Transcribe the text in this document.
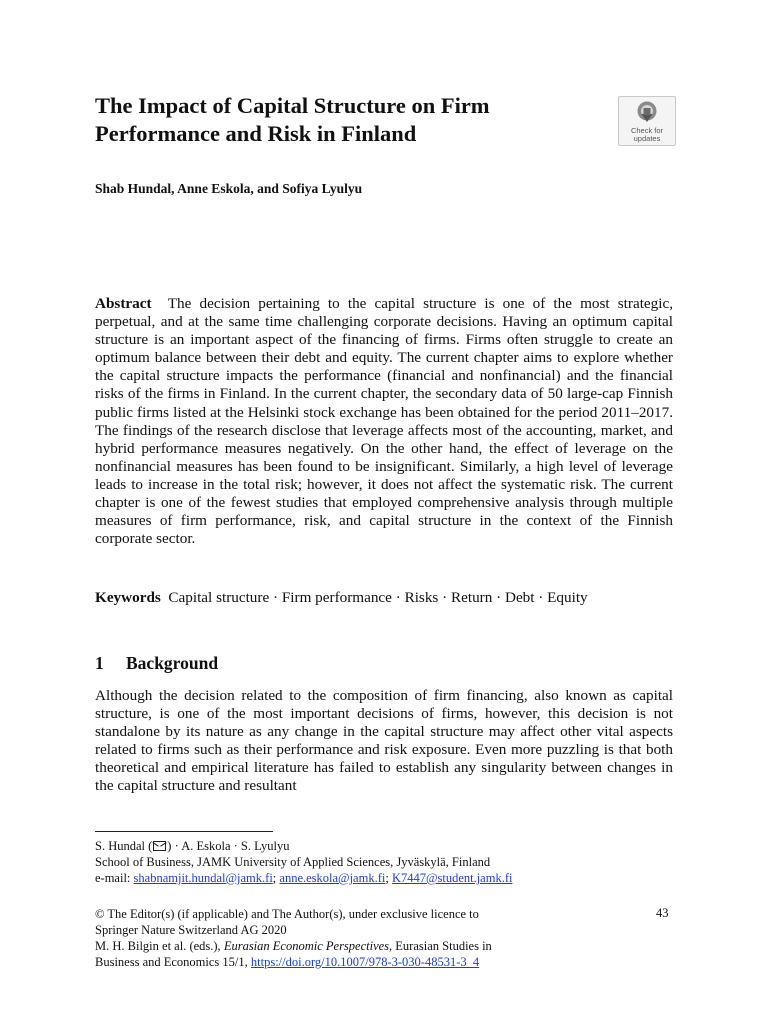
The Impact of Capital Structure on Firm Performance and Risk in Finland	Check for
updates

Shab Hundal, Anne Eskola, and Sofiya Lyulyu

Abstract The decision pertaining to the capital structure is one of the most strategic, perpetual, and at the same time challenging corporate decisions. Having an optimum capital structure is an important aspect of the financing of firms. Firms often struggle to create an optimum balance between their debt and equity. The current chapter aims to explore whether the capital structure impacts the performance (financial and nonfinancial) and the financial risks of the firms in Finland. In the current chapter, the secondary data of 50 large-cap Finnish public firms listed at the Helsinki stock exchange has been obtained for the period 2011–2017. The findings of the research disclose that leverage affects most of the accounting, market, and hybrid performance measures negatively. On the other hand, the effect of leverage on the nonfinancial measures has been found to be insignificant. Similarly, a high level of leverage leads to increase in the total risk; however, it does not affect the systematic risk. The current chapter is one of the fewest studies that employed comprehensive analysis through multiple measures of firm performance, risk, and capital structure in the context of the Finnish corporate sector.

Keywords Capital structure · Firm performance · Risks · Return · Debt · Equity

1 Background

Although the decision related to the composition of firm financing, also known as capital structure, is one of the most important decisions of firms, however, this decision is not standalone by its nature as any change in the capital structure may affect other vital aspects related to firms such as their performance and risk exposure. Even more puzzling is that both theoretical and empirical literature has failed to establish any singularity between changes in the capital structure and resultant

S. Hundal ( ) · A. Eskola · S. Lyulyu

School of Business, JAMK University of Applied Sciences, Jyväskylä, Finland

e-mail: shabnamjit.hundal@jamk.fi; anne.eskola@jamk.fi; K7447@student.jamk.fi

© The Editor(s) (if applicable) and The Author(s), under exclusive licence to
Springer Nature Switzerland AG 2020
M. H. Bilgin et al. (eds.), Eurasian Economic Perspectives, Eurasian Studies in
Business and Economics 15/1, https://doi.org/10.1007/978-3-030-48531-3_4

43
